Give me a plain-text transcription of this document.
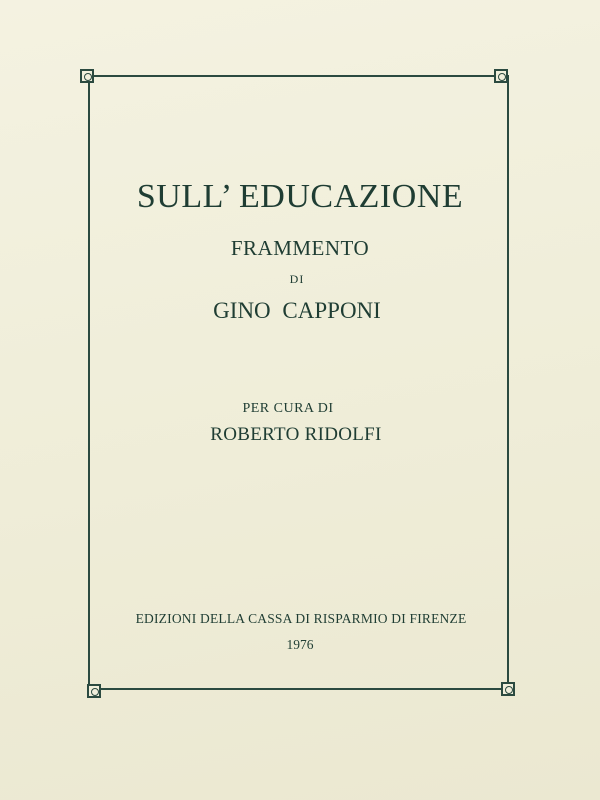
SULL’ EDUCAZIONE
FRAMMENTO
DI
GINO CAPPONI
PER CURA DI
ROBERTO RIDOLFI
EDIZIONI DELLA CASSA DI RISPARMIO DI FIRENZE
1976
